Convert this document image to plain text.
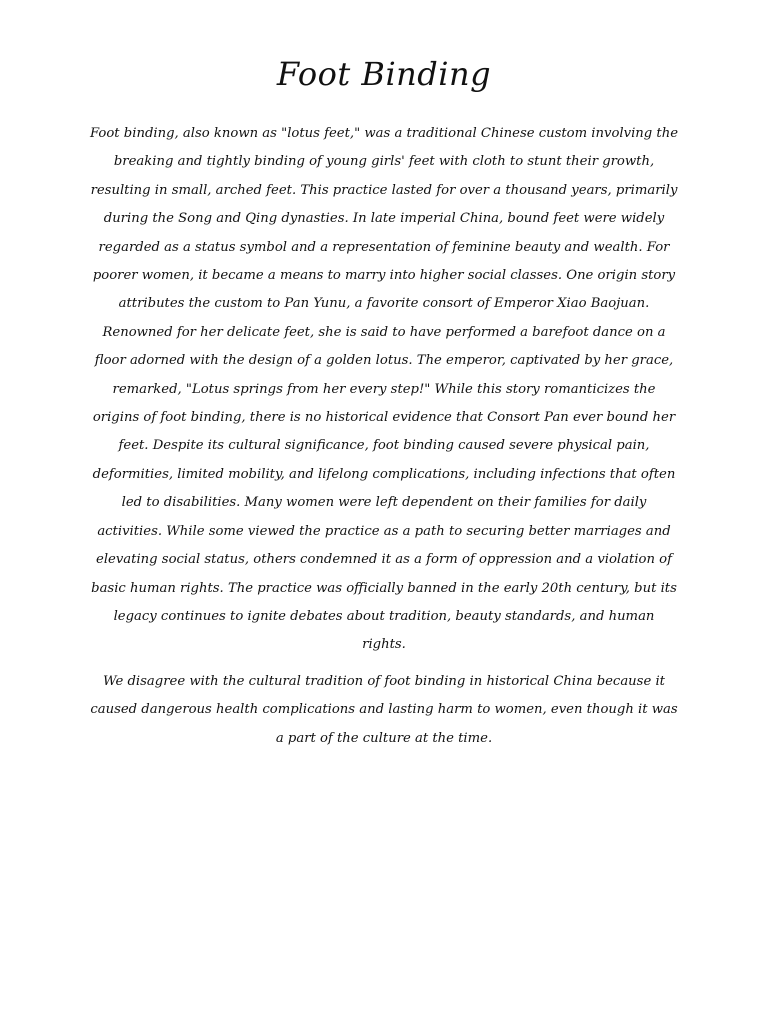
Foot Binding

Foot binding, also known as "lotus feet," was a traditional Chinese custom involving the breaking and tightly binding of young girls' feet with cloth to stunt their growth, resulting in small, arched feet. This practice lasted for over a thousand years, primarily during the Song and Qing dynasties. In late imperial China, bound feet were widely regarded as a status symbol and a representation of feminine beauty and wealth. For poorer women, it became a means to marry into higher social classes. One origin story attributes the custom to Pan Yunu, a favorite consort of Emperor Xiao Baojuan. Renowned for her delicate feet, she is said to have performed a barefoot dance on a floor adorned with the design of a golden lotus. The emperor, captivated by her grace, remarked, "Lotus springs from her every step!" While this story romanticizes the origins of foot binding, there is no historical evidence that Consort Pan ever bound her feet. Despite its cultural significance, foot binding caused severe physical pain, deformities, limited mobility, and lifelong complications, including infections that often led to disabilities. Many women were left dependent on their families for daily activities. While some viewed the practice as a path to securing better marriages and elevating social status, others condemned it as a form of oppression and a violation of basic human rights. The practice was officially banned in the early 20th century, but its legacy continues to ignite debates about tradition, beauty standards, and human rights.

We disagree with the cultural tradition of foot binding in historical China because it caused dangerous health complications and lasting harm to women, even though it was a part of the culture at the time.
